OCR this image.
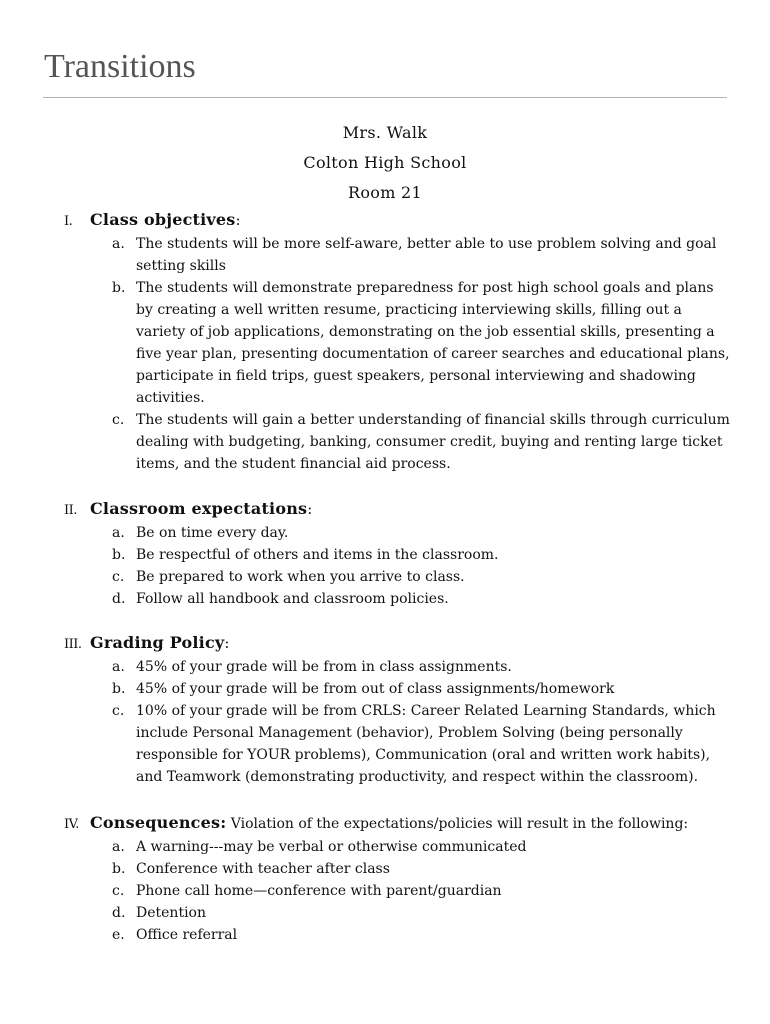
Transitions
Mrs. Walk
Colton High School
Room 21
I. Class objectives:
a. The students will be more self-aware, better able to use problem solving and goal setting skills
b. The students will demonstrate preparedness for post high school goals and plans by creating a well written resume, practicing interviewing skills, filling out a variety of job applications, demonstrating on the job essential skills, presenting a five year plan, presenting documentation of career searches and educational plans, participate in field trips, guest speakers, personal interviewing and shadowing activities.
c. The students will gain a better understanding of financial skills through curriculum dealing with budgeting, banking, consumer credit, buying and renting large ticket items, and the student financial aid process.
II. Classroom expectations:
a. Be on time every day.
b. Be respectful of others and items in the classroom.
c. Be prepared to work when you arrive to class.
d. Follow all handbook and classroom policies.
III. Grading Policy:
a. 45% of your grade will be from in class assignments.
b. 45% of your grade will be from out of class assignments/homework
c. 10% of your grade will be from CRLS: Career Related Learning Standards, which include Personal Management (behavior), Problem Solving (being personally responsible for YOUR problems), Communication (oral and written work habits), and Teamwork (demonstrating productivity, and respect within the classroom).
IV. Consequences: Violation of the expectations/policies will result in the following:
a. A warning---may be verbal or otherwise communicated
b. Conference with teacher after class
c. Phone call home—conference with parent/guardian
d. Detention
e. Office referral
